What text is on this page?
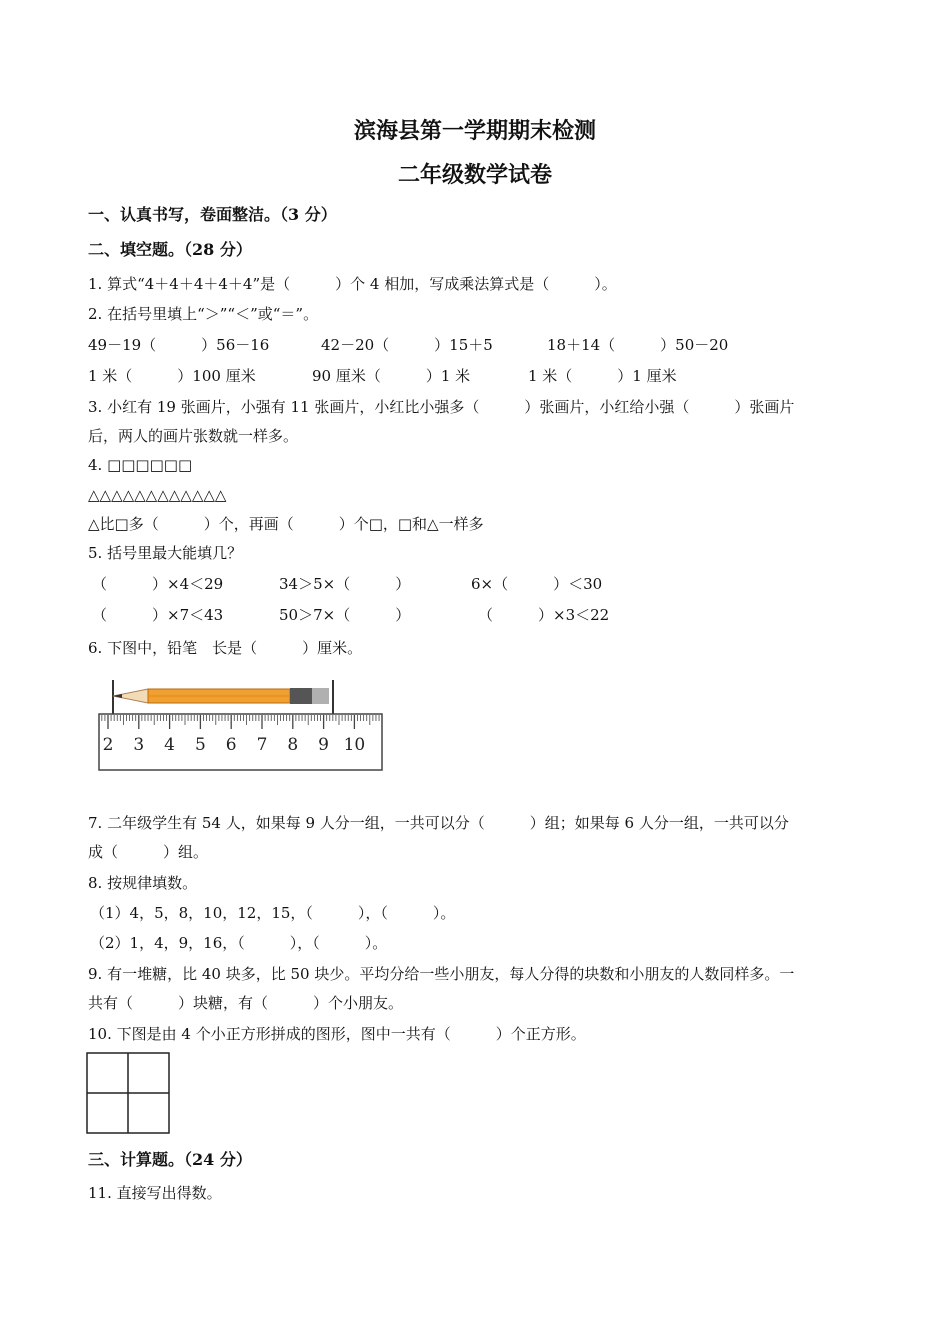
滨海县第一学期期末检测
二年级数学试卷
一、认真书写，卷面整洁。（3 分）
二、填空题。（28 分）
1. 算式“4＋4＋4＋4＋4”是（　　　）个 4 相加，写成乘法算式是（　　　）。
2. 在括号里填上“＞”“＜”或“＝”。
49－19（　　　）56－16	42－20（　　　）15＋5	18＋14（　　　）50－20
1 米（　　　）100 厘米	90 厘米（　　　）1 米	1 米（　　　）1 厘米
3. 小红有 19 张画片，小强有 11 张画片，小红比小强多（　　　）张画片，小红给小强（　　　）张画片
后，两人的画片张数就一样多。
4. □□□□□□
△△△△△△△△△△△△
△比□多（　　　）个，再画（　　　）个□，□和△一样多
5. 括号里最大能填几？
（　　　）×4＜29	34＞5×（　　　）	6×（　　　）＜30
（　　　）×7＜43	50＞7×（　　　）	（　　　）×3＜22
6. 下图中，铅笔　长是（　　　）厘米。
2 3 4 5 6 7 8 9 10
7. 二年级学生有 54 人，如果每 9 人分一组，一共可以分（　　　）组；如果每 6 人分一组，一共可以分
成（　　　）组。
8. 按规律填数。
（1）4，5，8，10，12，15，（　　　），（　　　）。
（2）1，4，9，16，（　　　），（　　　）。
9. 有一堆糖，比 40 块多，比 50 块少。平均分给一些小朋友，每人分得的块数和小朋友的人数同样多。一
共有（　　　）块糖，有（　　　）个小朋友。
10. 下图是由 4 个小正方形拼成的图形，图中一共有（　　　）个正方形。
三、计算题。（24 分）
11. 直接写出得数。
